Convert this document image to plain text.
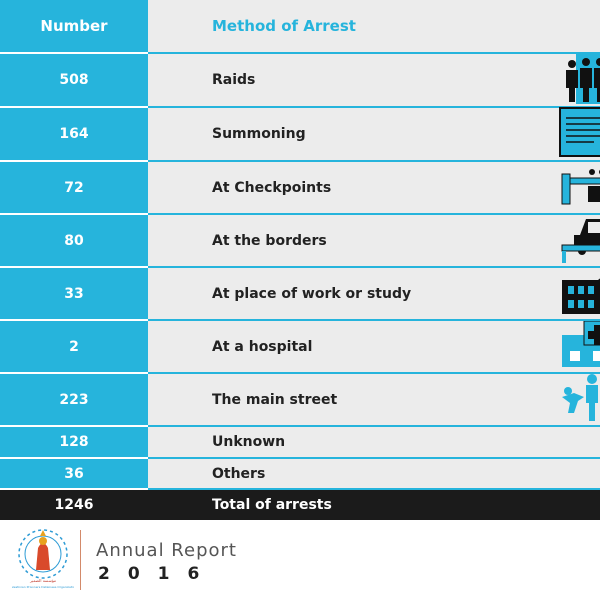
Number	Method of Arrest
508	Raids
164	Summoning
72	At Checkpoints
80	At the borders
33	At place of work or study
2	At a hospital
223	The main street
128	Unknown
36	Others
1246	Total of arrests
مؤسسة الضمير
Palestinian Prisoners Detainees Organization
Annual Report
2016
